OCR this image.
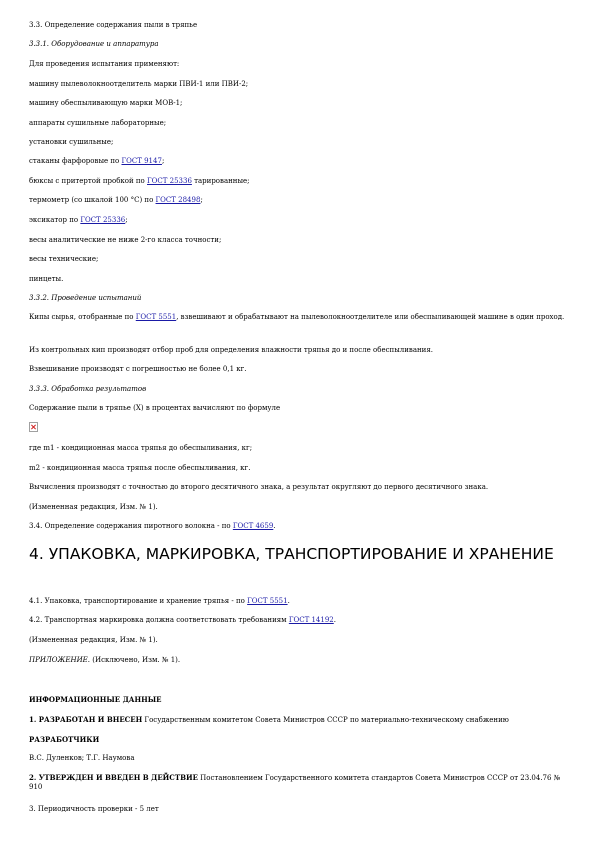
3.3. Определение содержания пыли в тряпье
3.3.1. Оборудование и аппаратура
Для проведения испытания применяют:
машину пылеволокноотделитель марки ПВИ-1 или ПВИ-2;
машину обеспыливающую марки МОВ-1;
аппараты сушильные лабораторные;
установки сушильные;
стаканы фарфоровые по ГОСТ 9147;
бюксы с притертой пробкой по ГОСТ 25336 тарированные;
термометр (со шкалой 100 °С) по ГОСТ 28498;
эксикатор по ГОСТ 25336;
весы аналитические не ниже 2-го класса точности;
весы технические;
пинцеты.
3.3.2. Проведение испытаний
Кипы сырья, отобранные по ГОСТ 5551, взвешивают и обрабатывают на пылеволокноотделителе или обеспыливающей машине в один проход.
Из контрольных кип производят отбор проб для определения влажности тряпья до и после обеспыливания.
Взвешивание производят с погрешностью не более 0,1 кг.
3.3.3. Обработка результатов
Содержание пыли в тряпье (X) в процентах вычисляют по формуле
где m1 - кондиционная масса тряпья до обеспыливания, кг;
m2 - кондиционная масса тряпья после обеспыливания, кг.
Вычисления производят с точностью до второго десятичного знака, а результат округляют до первого десятичного знака.
(Измененная редакция, Изм. № 1).
3.4. Определение содержания пиротного волокна - по ГОСТ 4659.
4. УПАКОВКА, МАРКИРОВКА, ТРАНСПОРТИРОВАНИЕ И ХРАНЕНИЕ
4.1. Упаковка, транспортирование и хранение тряпья - по ГОСТ 5551.
4.2. Транспортная маркировка должна соответствовать требованиям ГОСТ 14192.
(Измененная редакция, Изм. № 1).
ПРИЛОЖЕНИЕ. (Исключено, Изм. № 1).
ИНФОРМАЦИОННЫЕ ДАННЫЕ
1. РАЗРАБОТАН И ВНЕСЕН Государственным комитетом Совета Министров СССР по материально-техническому снабжению
РАЗРАБОТЧИКИ
В.С. Дуленков; Т.Г. Наумова
2. УТВЕРЖДЕН И ВВЕДЕН В ДЕЙСТВИЕ Постановлением Государственного комитета стандартов Совета Министров СССР от 23.04.76 № 910
3. Периодичность проверки - 5 лет
